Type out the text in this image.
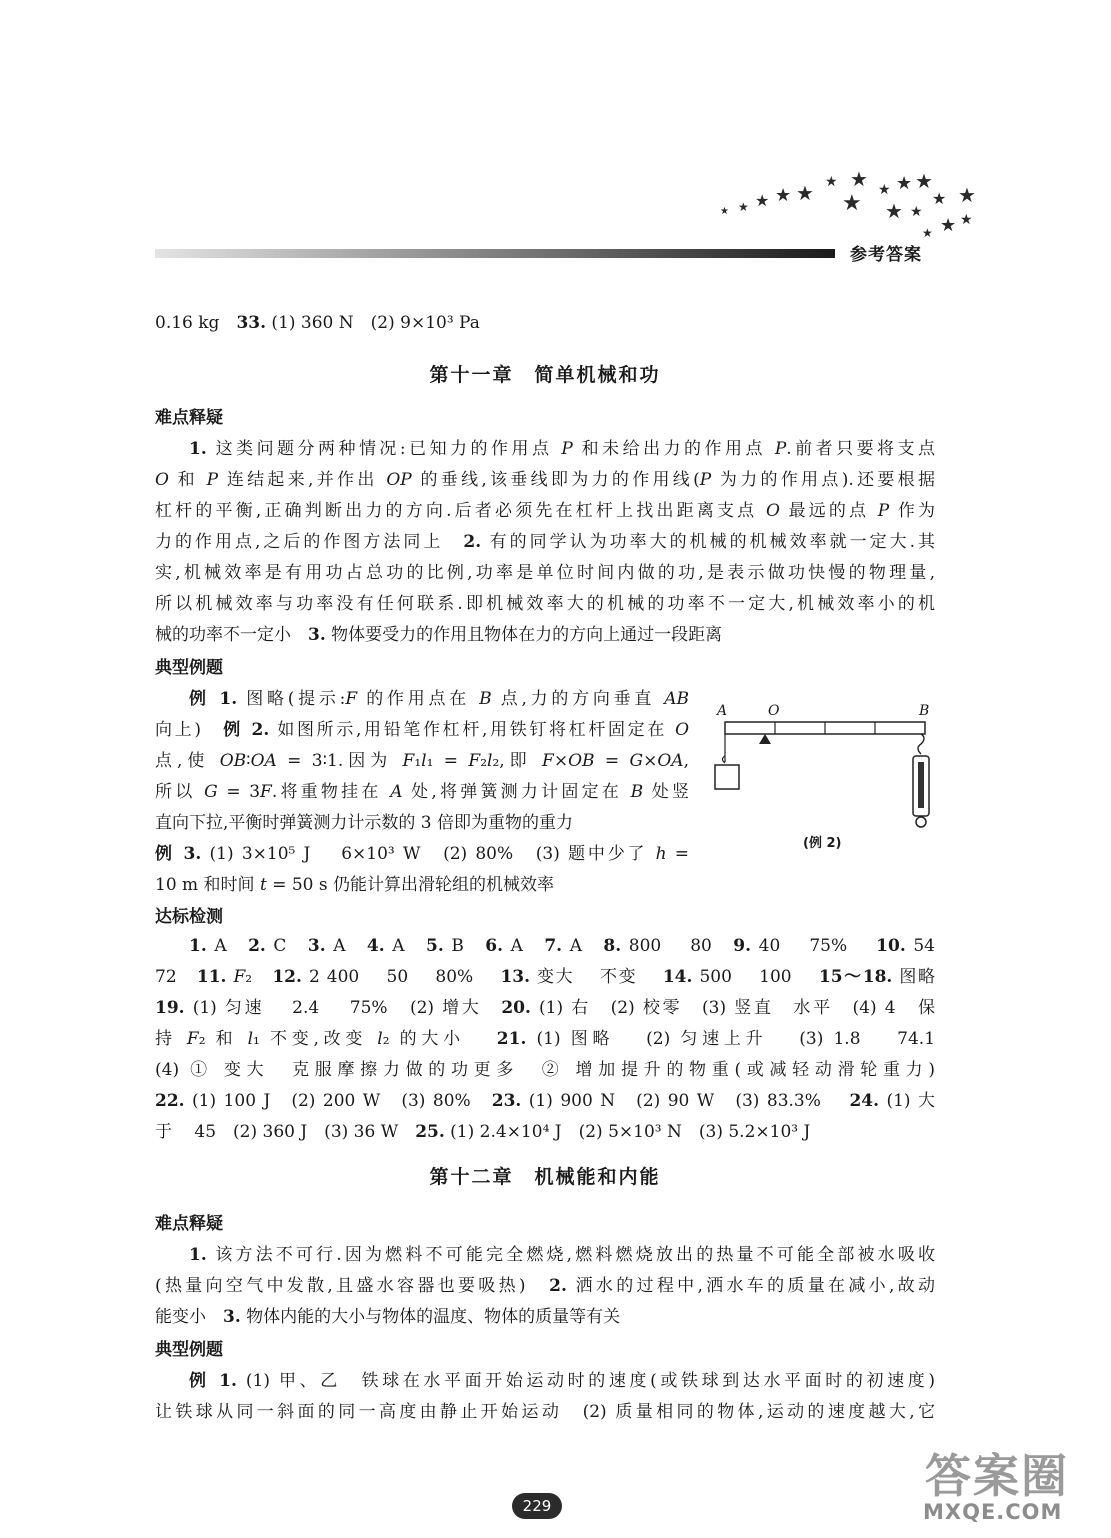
★ ★ ★ ★ ★ ★ ★
★
★ ★
★
★
★
★ ★
★ ★
★
参考答案
0.16 kg　33. (1) 360 N　(2) 9×10³ Pa
第十一章　简单机械和功
难点释疑
1. 这类问题分两种情况:已知力的作用点 P 和未给出力的作用点 P.前者只要将支点
O 和 P 连结起来,并作出 OP 的垂线,该垂线即为力的作用线(P 为力的作用点).还要根据
杠杆的平衡,正确判断出力的方向.后者必须先在杠杆上找出距离支点 O 最远的点 P 作为
力的作用点,之后的作图方法同上　2. 有的同学认为功率大的机械的机械效率就一定大.其
实,机械效率是有用功占总功的比例,功率是单位时间内做的功,是表示做功快慢的物理量,
所以机械效率与功率没有任何联系.即机械效率大的机械的功率不一定大,机械效率小的机
械的功率不一定小　3. 物体要受力的作用且物体在力的方向上通过一段距离
典型例题
例 1. 图略(提示:F 的作用点在 B 点,力的方向垂直 AB
向上)　例 2. 如图所示,用铅笔作杠杆,用铁钉将杠杆固定在 O
点,使 OB∶OA = 3∶1.因为 F₁l₁ = F₂l₂,即 F×OB = G×OA,
所以 G = 3F.将重物挂在 A 处,将弹簧测力计固定在 B 处竖
直向下拉,平衡时弹簧测力计示数的 3 倍即为重物的重力
例 3. (1) 3×10⁵ J　 6×10³ W　(2) 80%　(3) 题中少了 h =
10 m 和时间 t = 50 s 仍能计算出滑轮组的机械效率
达标检测
1. A　2. C　3. A　4. A　5. B　6. A　7. A　8. 800　 80　9. 40　 75%　 10. 54
72　11. F₂　12. 2 400　 50　 80%　 13. 变大　 不变　 14. 500　 100　 15～18. 图略
19. (1) 匀速　 2.4　 75%　(2) 增大　20. (1) 右　(2) 校零　(3) 竖直　水平　(4) 4　保
持 F₂ 和 l₁ 不变,改变 l₂ 的大小　 21. (1) 图略　 (2) 匀速上升　 (3) 1.8　 74.1
(4) ① 变大　克服摩擦力做的功更多　② 增加提升的物重(或减轻动滑轮重力)
22. (1) 100 J　(2) 200 W　(3) 80%　23. (1) 900 N　(2) 90 W　(3) 83.3%　 24. (1) 大
于　 45　(2) 360 J　(3) 36 W　25. (1) 2.4×10⁴ J　(2) 5×10³ N　(3) 5.2×10³ J
第十二章　机械能和内能
难点释疑
1. 该方法不可行.因为燃料不可能完全燃烧,燃料燃烧放出的热量不可能全部被水吸收
(热量向空气中发散,且盛水容器也要吸热)　2. 洒水的过程中,洒水车的质量在减小,故动
能变小　3. 物体内能的大小与物体的温度、物体的质量等有关
典型例题
例 1. (1) 甲、乙　铁球在水平面开始运动时的速度(或铁球到达水平面时的初速度)
让铁球从同一斜面的同一高度由静止开始运动　(2) 质量相同的物体,运动的速度越大,它
A	O	B
(例 2)
229
答案圈
MXQE.COM
